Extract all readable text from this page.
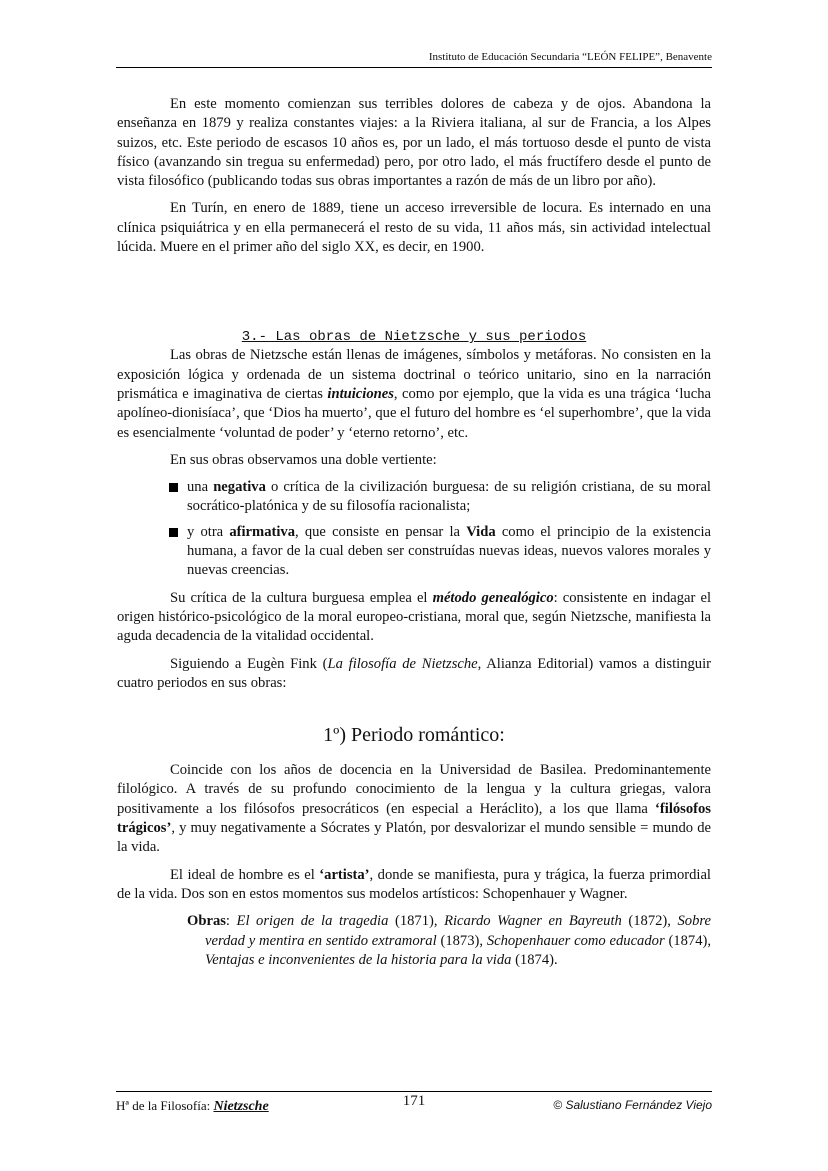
Instituto de Educación Secundaria “LEÓN FELIPE”, Benavente

En este momento comienzan sus terribles dolores de cabeza y de ojos. Abandona la enseñanza en 1879 y realiza constantes viajes: a la Riviera italiana, al sur de Francia, a los Alpes suizos, etc. Este periodo de escasos 10 años es, por un lado, el más tortuoso desde el punto de vista físico (avanzando sin tregua su enfermedad) pero, por otro lado, el más fructífero desde el punto de vista filosófico (publicando todas sus obras importantes a razón de más de un libro por año).

En Turín, en enero de 1889, tiene un acceso irreversible de locura. Es internado en una clínica psiquiátrica y en ella permanecerá el resto de su vida, 11 años más, sin actividad intelectual lúcida. Muere en el primer año del siglo XX, es decir, en 1900.

3.- Las obras de Nietzsche y sus periodos

Las obras de Nietzsche están llenas de imágenes, símbolos y metáforas. No consisten en la exposición lógica y ordenada de un sistema doctrinal o teórico unitario, sino en la narración prismática e imaginativa de ciertas intuiciones, como por ejemplo, que la vida es una trágica ‘lucha apolíneo-dionisíaca’, que ‘Dios ha muerto’, que el futuro del hombre es ‘el superhombre’, que la vida es esencialmente ‘voluntad de poder’ y ‘eterno retorno’, etc.

En sus obras observamos una doble vertiente:

una negativa o crítica de la civilización burguesa: de su religión cristiana, de su moral socrático-platónica y de su filosofía racionalista;
y otra afirmativa, que consiste en pensar la Vida como el principio de la existencia humana, a favor de la cual deben ser construídas nuevas ideas, nuevos valores morales y nuevas creencias.

Su crítica de la cultura burguesa emplea el método genealógico: consistente en indagar el origen histórico-psicológico de la moral europeo-cristiana, moral que, según Nietzsche, manifiesta la aguda decadencia de la vitalidad occidental.

Siguiendo a Eugèn Fink (La filosofía de Nietzsche, Alianza Editorial) vamos a distinguir cuatro periodos en sus obras:

1º) Periodo romántico:

Coincide con los años de docencia en la Universidad de Basilea. Predominantemente filológico. A través de su profundo conocimiento de la lengua y la cultura griegas, valora positivamente a los filósofos presocráticos (en especial a Heráclito), a los que llama ‘filósofos trágicos’, y muy negativamente a Sócrates y Platón, por desvalorizar el mundo sensible = mundo de la vida.

El ideal de hombre es el ‘artista’, donde se manifiesta, pura y trágica, la fuerza primordial de la vida. Dos son en estos momentos sus modelos artísticos: Schopenhauer y Wagner.

Obras: El origen de la tragedia (1871), Ricardo Wagner en Bayreuth (1872), Sobre verdad y mentira en sentido extramoral (1873), Schopenhauer como educador (1874), Ventajas e inconvenientes de la historia para la vida (1874).

Hª de la Filosofía: Nietzsche	171	© Salustiano Fernández Viejo
